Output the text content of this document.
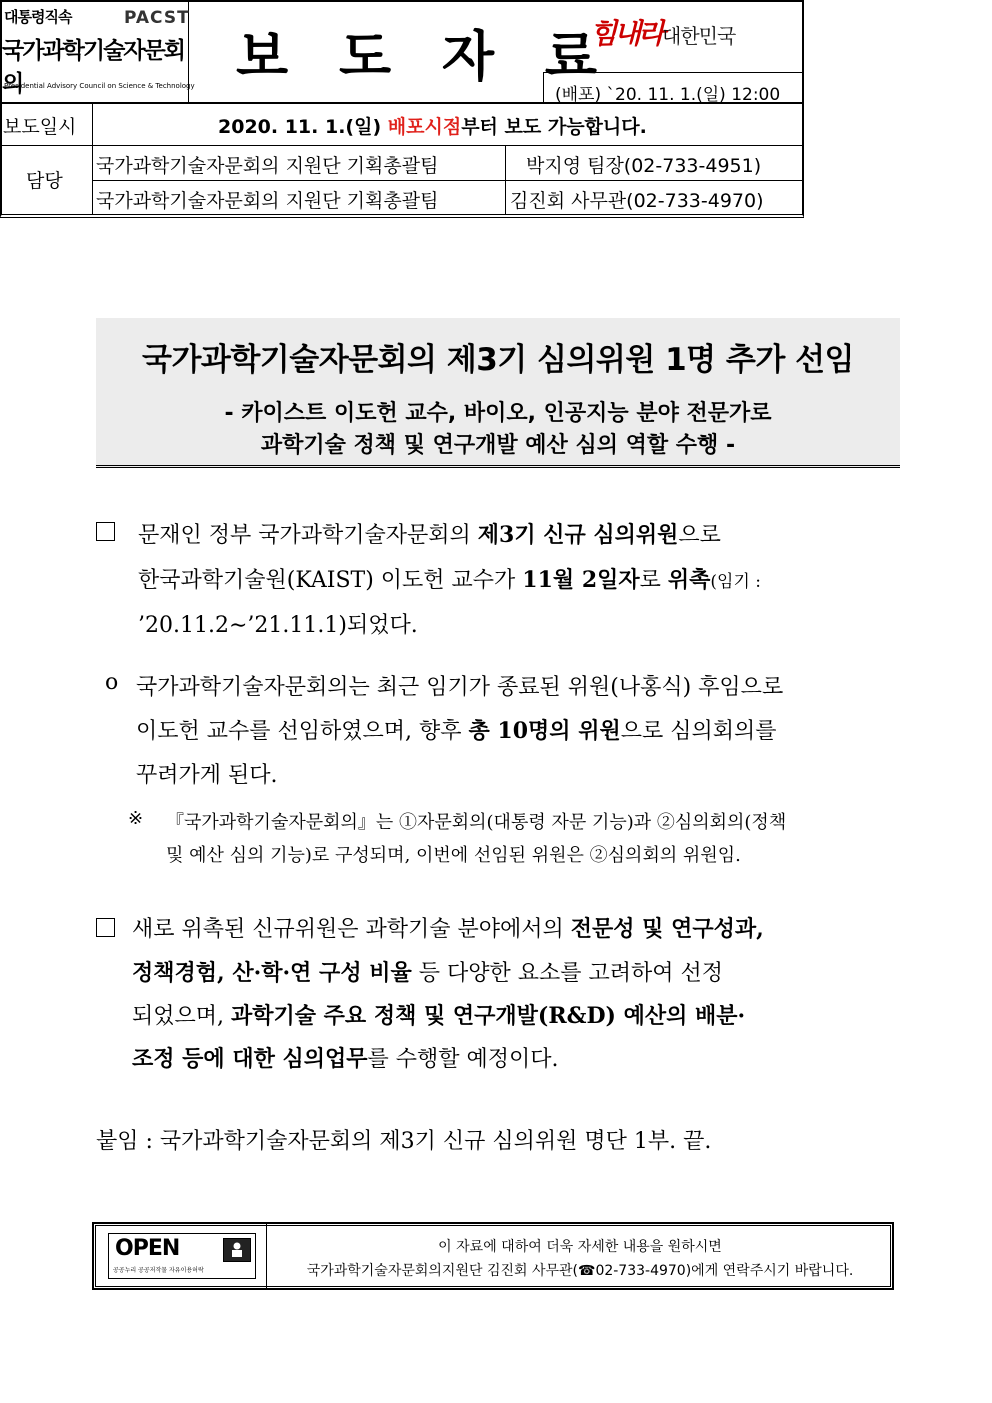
대통령직속	PACST
국가과학기술자문회의
Presidential Advisory Council on Science & Technology 보 도 자 료
힘내라 대한민국
(배포) `20. 11. 1.(일) 12:00
보도일시	2020. 11. 1.(일) 배포시점부터 보도 가능합니다.
담당
국가과학기술자문회의 지원단 기획총괄팀	박지영 팀장(02-733-4951)
국가과학기술자문회의 지원단 기획총괄팀	김진회 사무관(02-733-4970)
국가과학기술자문회의 제3기 심의위원 1명 추가 선임
- 카이스트 이도헌 교수, 바이오, 인공지능 분야 전문가로
과학기술 정책 및 연구개발 예산 심의 역할 수행 -
문재인 정부 국가과학기술자문회의 제3기 신규 심의위원으로
한국과학기술원(KAIST) 이도헌 교수가 11월 2일자로 위촉(임기 :
’20.11.2∼’21.11.1)되었다.
o 국가과학기술자문회의는 최근 임기가 종료된 위원(나홍식) 후임으로
이도헌 교수를 선임하였으며, 향후 총 10명의 위원으로 심의회의를
꾸려가게 된다.
※ 『국가과학기술자문회의』는 ①자문회의(대통령 자문 기능)과 ②심의회의(정책
및 예산 심의 기능)로 구성되며, 이번에 선임된 위원은 ②심의회의 위원임.
새로 위촉된 신규위원은 과학기술 분야에서의 전문성 및 연구성과,
정책경험, 산·학·연 구성 비율 등 다양한 요소를 고려하여 선정
되었으며, 과학기술 주요 정책 및 연구개발(R&D) 예산의 배분·
조정 등에 대한 심의업무를 수행할 예정이다.
붙임 : 국가과학기술자문회의 제3기 신규 심의위원 명단 1부. 끝.
OPEN
공공누리 공공저작물 자유이용허락
이 자료에 대하여 더욱 자세한 내용을 원하시면
국가과학기술자문회의지원단 김진회 사무관(☎02-733-4970)에게 연락주시기 바랍니다.
